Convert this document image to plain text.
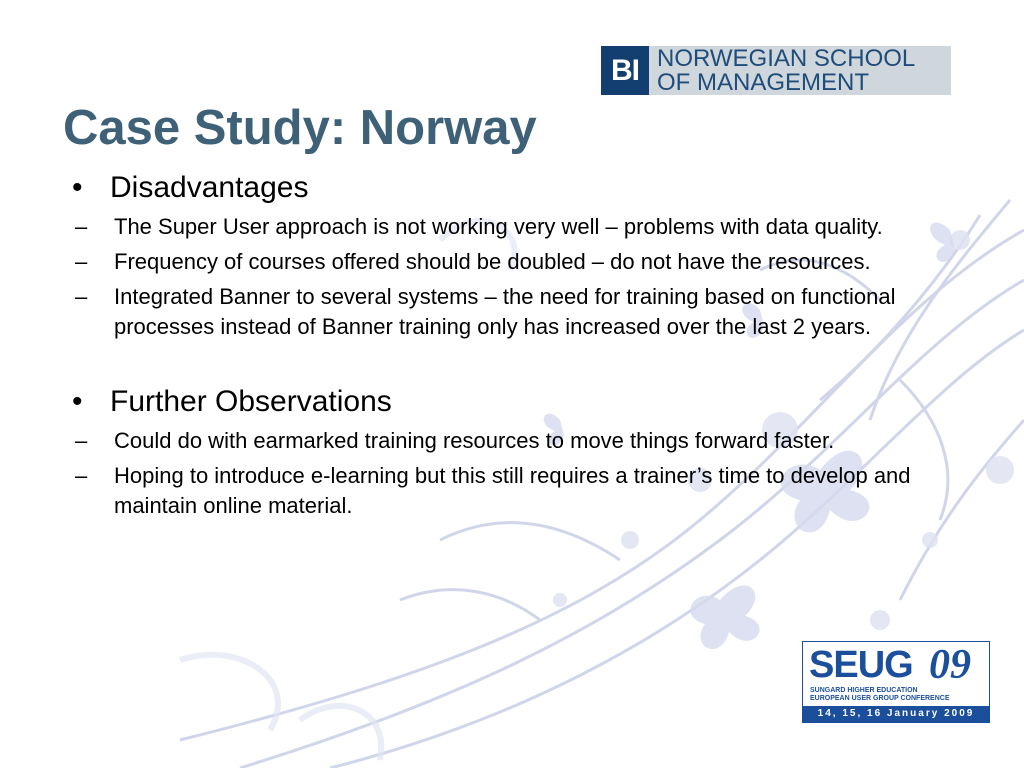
BI NORWEGIAN SCHOOL
OF MANAGEMENT
Case Study: Norway
• Disadvantages
– The Super User approach is not working very well – problems with data quality.
– Frequency of courses offered should be doubled – do not have the resources.
– Integrated Banner to several systems – the need for training based on functional processes instead of Banner training only has increased over the last 2 years.
• Further Observations
– Could do with earmarked training resources to move things forward faster.
– Hoping to introduce e-learning but this still requires a trainer’s time to develop and maintain online material.
SEUG 09
SUNGARD HIGHER EDUCATION
EUROPEAN USER GROUP CONFERENCE
14, 15, 16 January 2009
